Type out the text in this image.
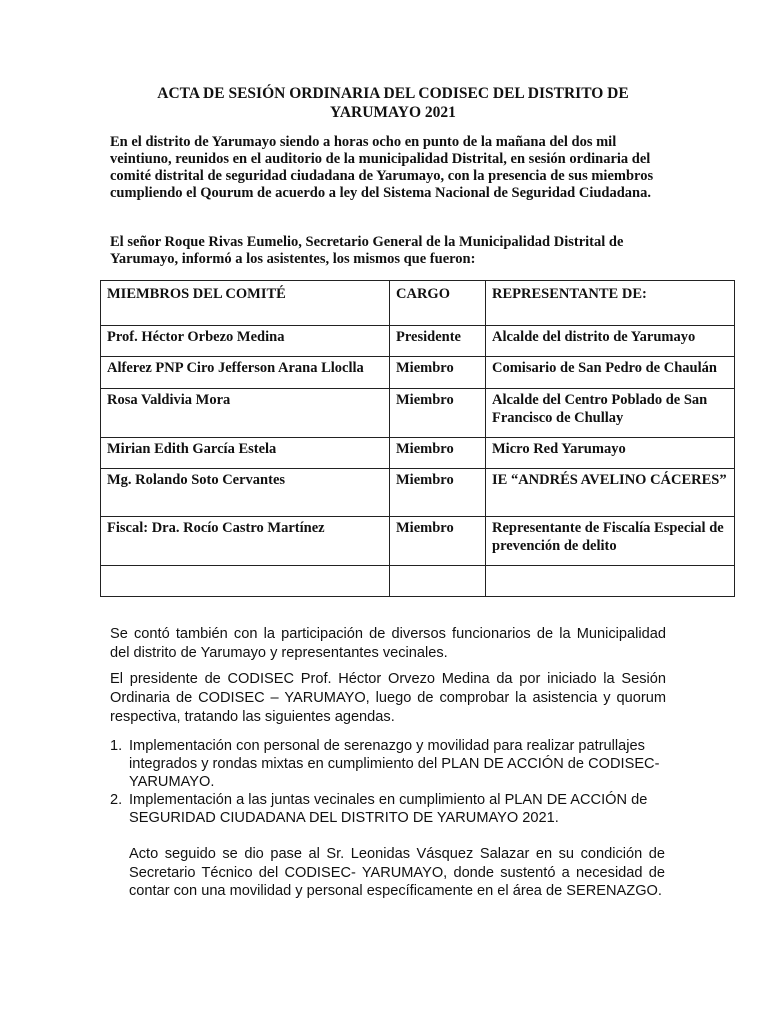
ACTA DE SESIÓN ORDINARIA DEL CODISEC DEL DISTRITO DE
YARUMAYO 2021
En el distrito de Yarumayo siendo a horas ocho en punto de la mañana del dos mil veintiuno, reunidos en el auditorio de la municipalidad Distrital, en sesión ordinaria del comité distrital de seguridad ciudadana de Yarumayo, con la presencia de sus miembros cumpliendo el Qourum de acuerdo a ley del Sistema Nacional de Seguridad Ciudadana.
El señor Roque Rivas Eumelio, Secretario General de la Municipalidad Distrital de Yarumayo, informó a los asistentes, los mismos que fueron:
MIEMBROS DEL COMITÉ	CARGO	REPRESENTANTE DE:
Prof. Héctor Orbezo Medina	Presidente	Alcalde del distrito de Yarumayo
Alferez PNP Ciro Jefferson Arana Lloclla	Miembro	Comisario de San Pedro de Chaulán
Rosa Valdivia Mora	Miembro	Alcalde del Centro Poblado de San Francisco de Chullay
Mirian Edith García Estela	Miembro	Micro Red Yarumayo
Mg. Rolando Soto Cervantes	Miembro	IE “ANDRÉS AVELINO CÁCERES”
Fiscal: Dra. Rocío Castro Martínez	Miembro	Representante de Fiscalía Especial de prevención de delito

Se contó también con la participación de diversos funcionarios de la Municipalidad del distrito de Yarumayo y representantes vecinales.
El presidente de CODISEC Prof. Héctor Orvezo Medina da por iniciado la Sesión Ordinaria de CODISEC – YARUMAYO, luego de comprobar la asistencia y quorum respectiva, tratando las siguientes agendas.
1. Implementación con personal de serenazgo y movilidad para realizar patrullajes integrados y rondas mixtas en cumplimiento del PLAN DE ACCIÓN de CODISEC- YARUMAYO.
2. Implementación a las juntas vecinales en cumplimiento al PLAN DE ACCIÓN de SEGURIDAD CIUDADANA DEL DISTRITO DE YARUMAYO 2021.
Acto seguido se dio pase al Sr. Leonidas Vásquez Salazar en su condición de Secretario Técnico del CODISEC- YARUMAYO, donde sustentó a necesidad de contar con una movilidad y personal específicamente en el área de SERENAZGO.
